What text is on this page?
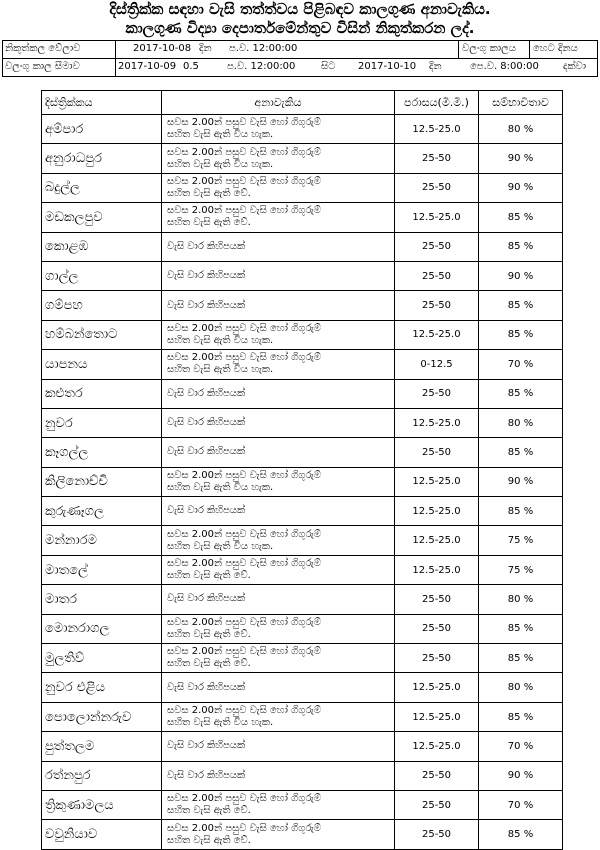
දිස්ත්‍රික්ක සඳහා වැසි තත්ත්වය පිළිබඳව කාලගුණ අනාවැකිය.
කාලගුණ විද්‍යා දෙපාර්තමේන්තුව විසින් නිකුත්කරන ලද්.
නිකුත්කල වේලාව	2017-10-08 දින ප.ව. 12:00:00	වලංගු කාලය හෙට දිනය
වලංගු කාල සීමාව	2017-10-09 0.5	ප.ව. 12:00:00	සිට 2017-10-10 දින	පෙ.ව. 8:00:00 දක්වා
දිස්ත්‍රික්කය	අනාවැකිය	පරාසය(මි.මී.)	සම්භාවිතාව
අම්පාර	සවස 2.00න් පසුව වැසි හෝ ගිගුරුම්
සහිත වැසි ඇති විය හැක.	12.5-25.0	80 %
අනුරාධපුර	සවස 2.00න් පසුව වැසි හෝ ගිගුරුම්
සහිත වැසි ඇති විය හැක.	25-50	90 %
බදුල්ල	සවස 2.00න් පසුව වැසි හෝ ගිගුරුම්
සහිත වැසි ඇති වේ.	25-50	90 %
මඩකලපුව	සවස 2.00න් පසුව වැසි හෝ ගිගුරුම්
සහිත වැසි ඇති වේ.	12.5-25.0	85 %
කොළඹ	වැසි වාර කිහිපයක්	25-50	85 %
ගාල්ල	වැසි වාර කිහිපයක්	25-50	90 %
ගම්පහ	වැසි වාර කිහිපයක්	25-50	85 %
හම්බන්තොට	සවස 2.00න් පසුව වැසි හෝ ගිගුරුම්
සහිත වැසි ඇති විය හැක.	12.5-25.0	85 %
යාපනය	සවස 2.00න් පසුව වැසි හෝ ගිගුරුම්
සහිත වැසි ඇති විය හැක.	0-12.5	70 %
කළුතර	වැසි වාර කිහිපයක්	25-50	85 %
නුවර	වැසි වාර කිහිපයක්	12.5-25.0	80 %
කෑගල්ල	වැසි වාර කිහිපයක්	25-50	85 %
කිලිනොච්චි	සවස 2.00න් පසුව වැසි හෝ ගිගුරුම්
සහිත වැසි ඇති විය හැක.	12.5-25.0	90 %
කුරුණෑගල	වැසි වාර කිහිපයක්	12.5-25.0	85 %
මන්නාරම	සවස 2.00න් පසුව වැසි හෝ ගිගුරුම්
සහිත වැසි ඇති විය හැක.	12.5-25.0	75 %
මාතලේ	සවස 2.00න් පසුව වැසි හෝ ගිගුරුම්
සහිත වැසි ඇති වේ.	12.5-25.0	75 %
මාතර	වැසි වාර කිහිපයක්	25-50	80 %
මොනරාගල	සවස 2.00න් පසුව වැසි හෝ ගිගුරුම්
සහිත වැසි ඇති වේ.	25-50	85 %
මුලතිව්	සවස 2.00න් පසුව වැසි හෝ ගිගුරුම්
සහිත වැසි ඇති වේ.	25-50	85 %
නුවර එළිය	වැසි වාර කිහිපයක්	12.5-25.0	80 %
පොලොන්නරුව	සවස 2.00න් පසුව වැසි හෝ ගිගුරුම්
සහිත වැසි ඇති විය හැක.	12.5-25.0	85 %
පුත්තලම	වැසි වාර කිහිපයක්	12.5-25.0	70 %
රත්නපුර	වැසි වාර කිහිපයක්	25-50	90 %
ත්‍රිකුණාමලය	සවස 2.00න් පසුව වැසි හෝ ගිගුරුම්
සහිත වැසි ඇති වේ.	25-50	70 %
වවුනියාව	සවස 2.00න් පසුව වැසි හෝ ගිගුරුම්
සහිත වැසි ඇති වේ.	25-50	85 %
